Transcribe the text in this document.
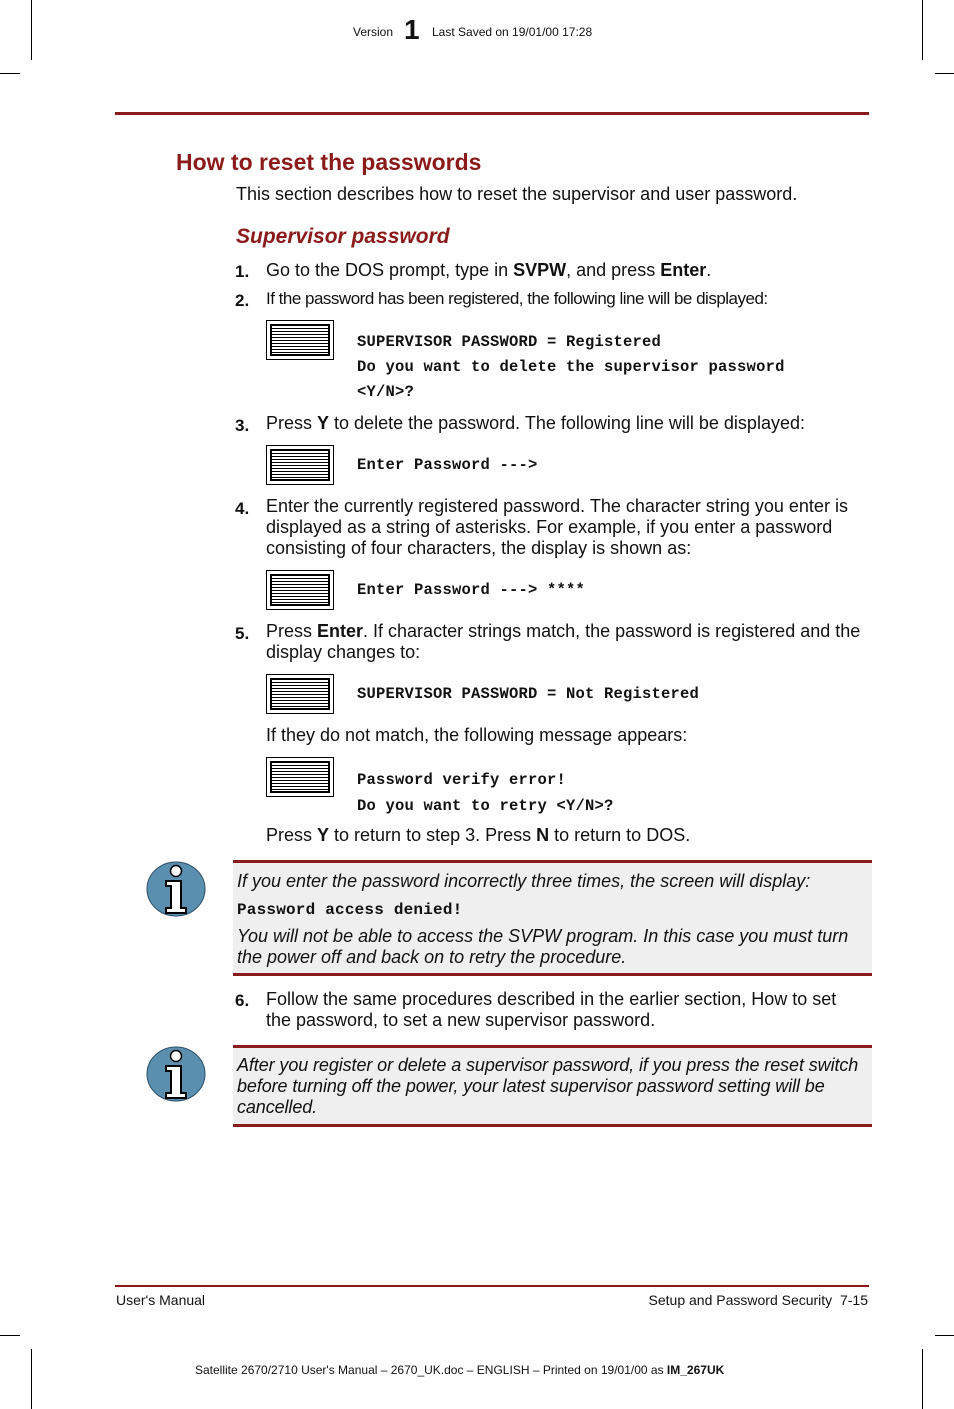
Version 1 Last Saved on 19/01/00 17:28
How to reset the passwords
This section describes how to reset the supervisor and user password.
Supervisor password
1. Go to the DOS prompt, type in SVPW, and press Enter.
2. If the password has been registered, the following line will be displayed:
SUPERVISOR PASSWORD = Registered
Do you want to delete the supervisor password
<Y/N>?
3. Press Y to delete the password. The following line will be displayed:
Enter Password --->
4. Enter the currently registered password. The character string you enter is displayed as a string of asterisks. For example, if you enter a password consisting of four characters, the display is shown as:
Enter Password ---> ****
5. Press Enter. If character strings match, the password is registered and the display changes to:
SUPERVISOR PASSWORD = Not Registered
If they do not match, the following message appears:
Password verify error!
Do you want to retry <Y/N>?
Press Y to return to step 3. Press N to return to DOS.
If you enter the password incorrectly three times, the screen will display:
Password access denied!
You will not be able to access the SVPW program. In this case you must turn the power off and back on to retry the procedure.
6. Follow the same procedures described in the earlier section, How to set the password, to set a new supervisor password.
After you register or delete a supervisor password, if you press the reset switch before turning off the power, your latest supervisor password setting will be cancelled.
User's Manual	Setup and Password Security  7-15
Satellite 2670/2710 User's Manual – 2670_UK.doc – ENGLISH – Printed on 19/01/00 as IM_267UK
